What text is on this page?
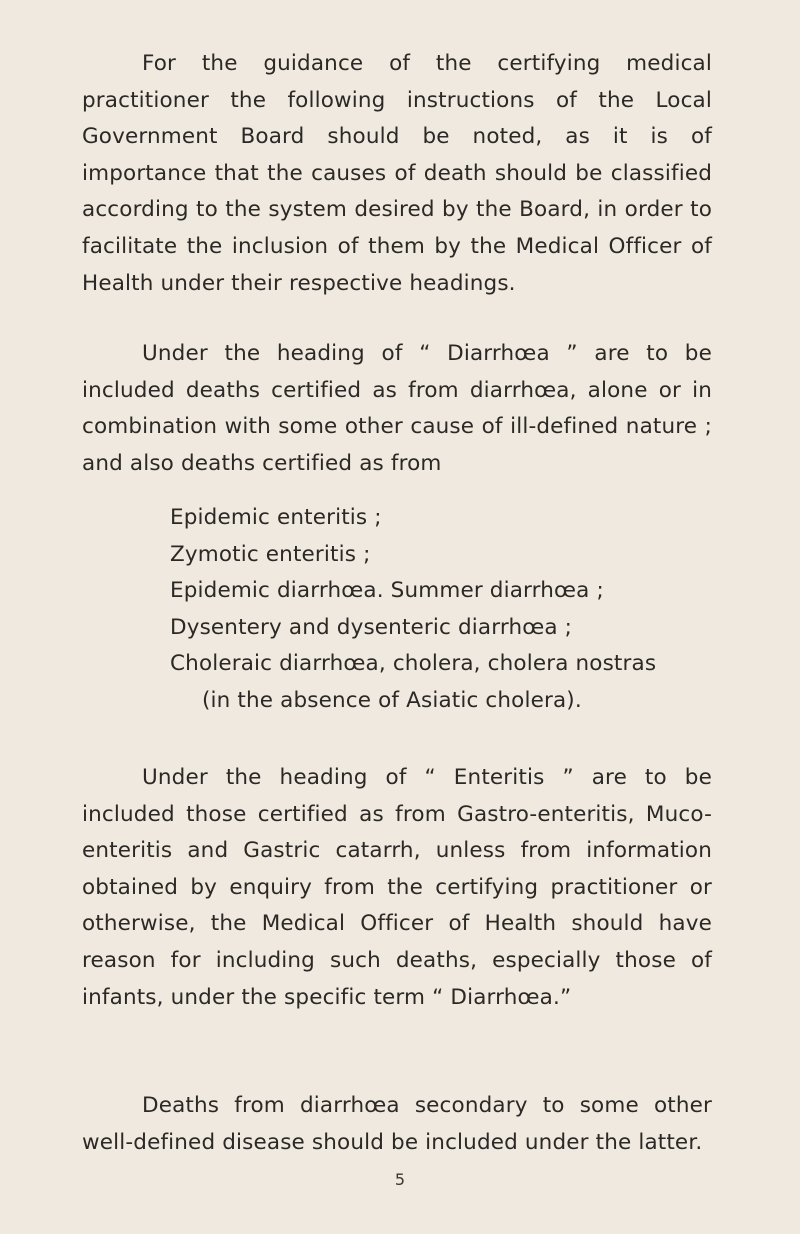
For the guidance of the certifying medical practitioner the following instructions of the Local Government Board should be noted, as it is of importance that the causes of death should be classified according to the system desired by the Board, in order to facilitate the inclusion of them by the Medical Officer of Health under their respective headings.

Under the heading of “ Diarrhœa ” are to be included deaths certified as from diarrhœa, alone or in combination with some other cause of ill-defined nature ; and also deaths certified as from

Epidemic enteritis ;
Zymotic enteritis ;
Epidemic diarrhœa. Summer diarrhœa ;
Dysentery and dysenteric diarrhœa ;
Choleraic diarrhœa, cholera, cholera nostras
(in the absence of Asiatic cholera).

Under the heading of “ Enteritis ” are to be included those certified as from Gastro-enteritis, Muco-enteritis and Gastric catarrh, unless from information obtained by enquiry from the certifying practitioner or otherwise, the Medical Officer of Health should have reason for including such deaths, especially those of infants, under the specific term “ Diarrhœa.”

Deaths from diarrhœa secondary to some other well-defined disease should be included under the latter.

5
